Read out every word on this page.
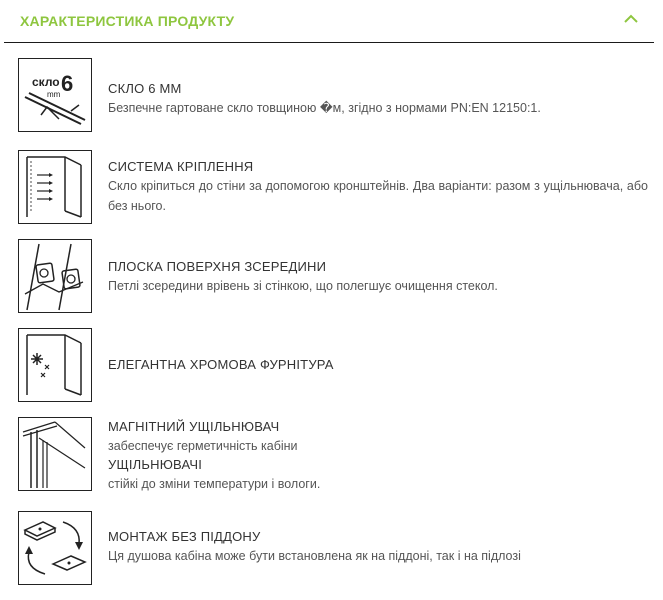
ХАРАКТЕРИСТИКА ПРОДУКТУ
скло 6
mm	СКЛО 6 ММ
Безпечне гартоване скло товщиною �м, згідно з нормами PN:EN 12150:1.
СИСТЕМА КРІПЛЕННЯ
Скло кріпиться до стіни за допомогою кронштейнів. Два варіанти: разом з ущільнювача, або без нього.
ПЛОСКА ПОВЕРХНЯ ЗСЕРЕДИНИ
Петлі зсередини врівень зі стінкою, що полегшує очищення стекол.
ЕЛЕГАНТНА ХРОМОВА ФУРНІТУРА
МАГНІТНИЙ УЩІЛЬНЮВАЧ
забеспечує герметичність кабіни
УЩІЛЬНЮВАЧІ
стійкі до зміни температури і вологи.
МОНТАЖ БЕЗ ПІДДОНУ
Ця душова кабіна може бути встановлена як на піддоні, так і на підлозі
